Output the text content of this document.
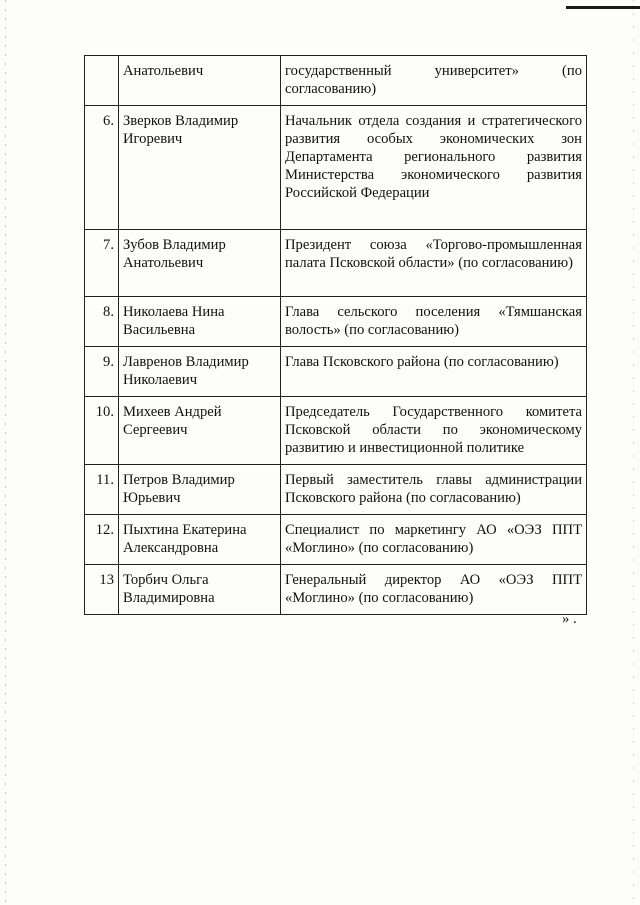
	Анатольевич	государственный университет» (по согласованию)
6.	Зверков Владимир Игоревич	Начальник отдела создания и стратегического развития особых экономических зон Департамента регионального развития Министерства экономического развития Российской Федерации
7.	Зубов Владимир Анатольевич	Президент союза «Торгово-промышленная палата Псковской области» (по согласованию)
8.	Николаева Нина Васильевна	Глава сельского поселения «Тямшанская волость» (по согласованию)
9.	Лавренов Владимир Николаевич	Глава Псковского района (по согласованию)
10.	Михеев Андрей Сергеевич	Председатель Государственного комитета Псковской области по экономическому развитию и инвестиционной политике
11.	Петров Владимир Юрьевич	Первый заместитель главы администрации Псковского района (по согласованию)
12.	Пыхтина Екатерина Александровна	Специалист по маркетингу АО «ОЭЗ ППТ «Моглино» (по согласованию)
13	Торбич Ольга Владимировна	Генеральный директор АО «ОЭЗ ППТ «Моглино» (по согласованию)
» .
